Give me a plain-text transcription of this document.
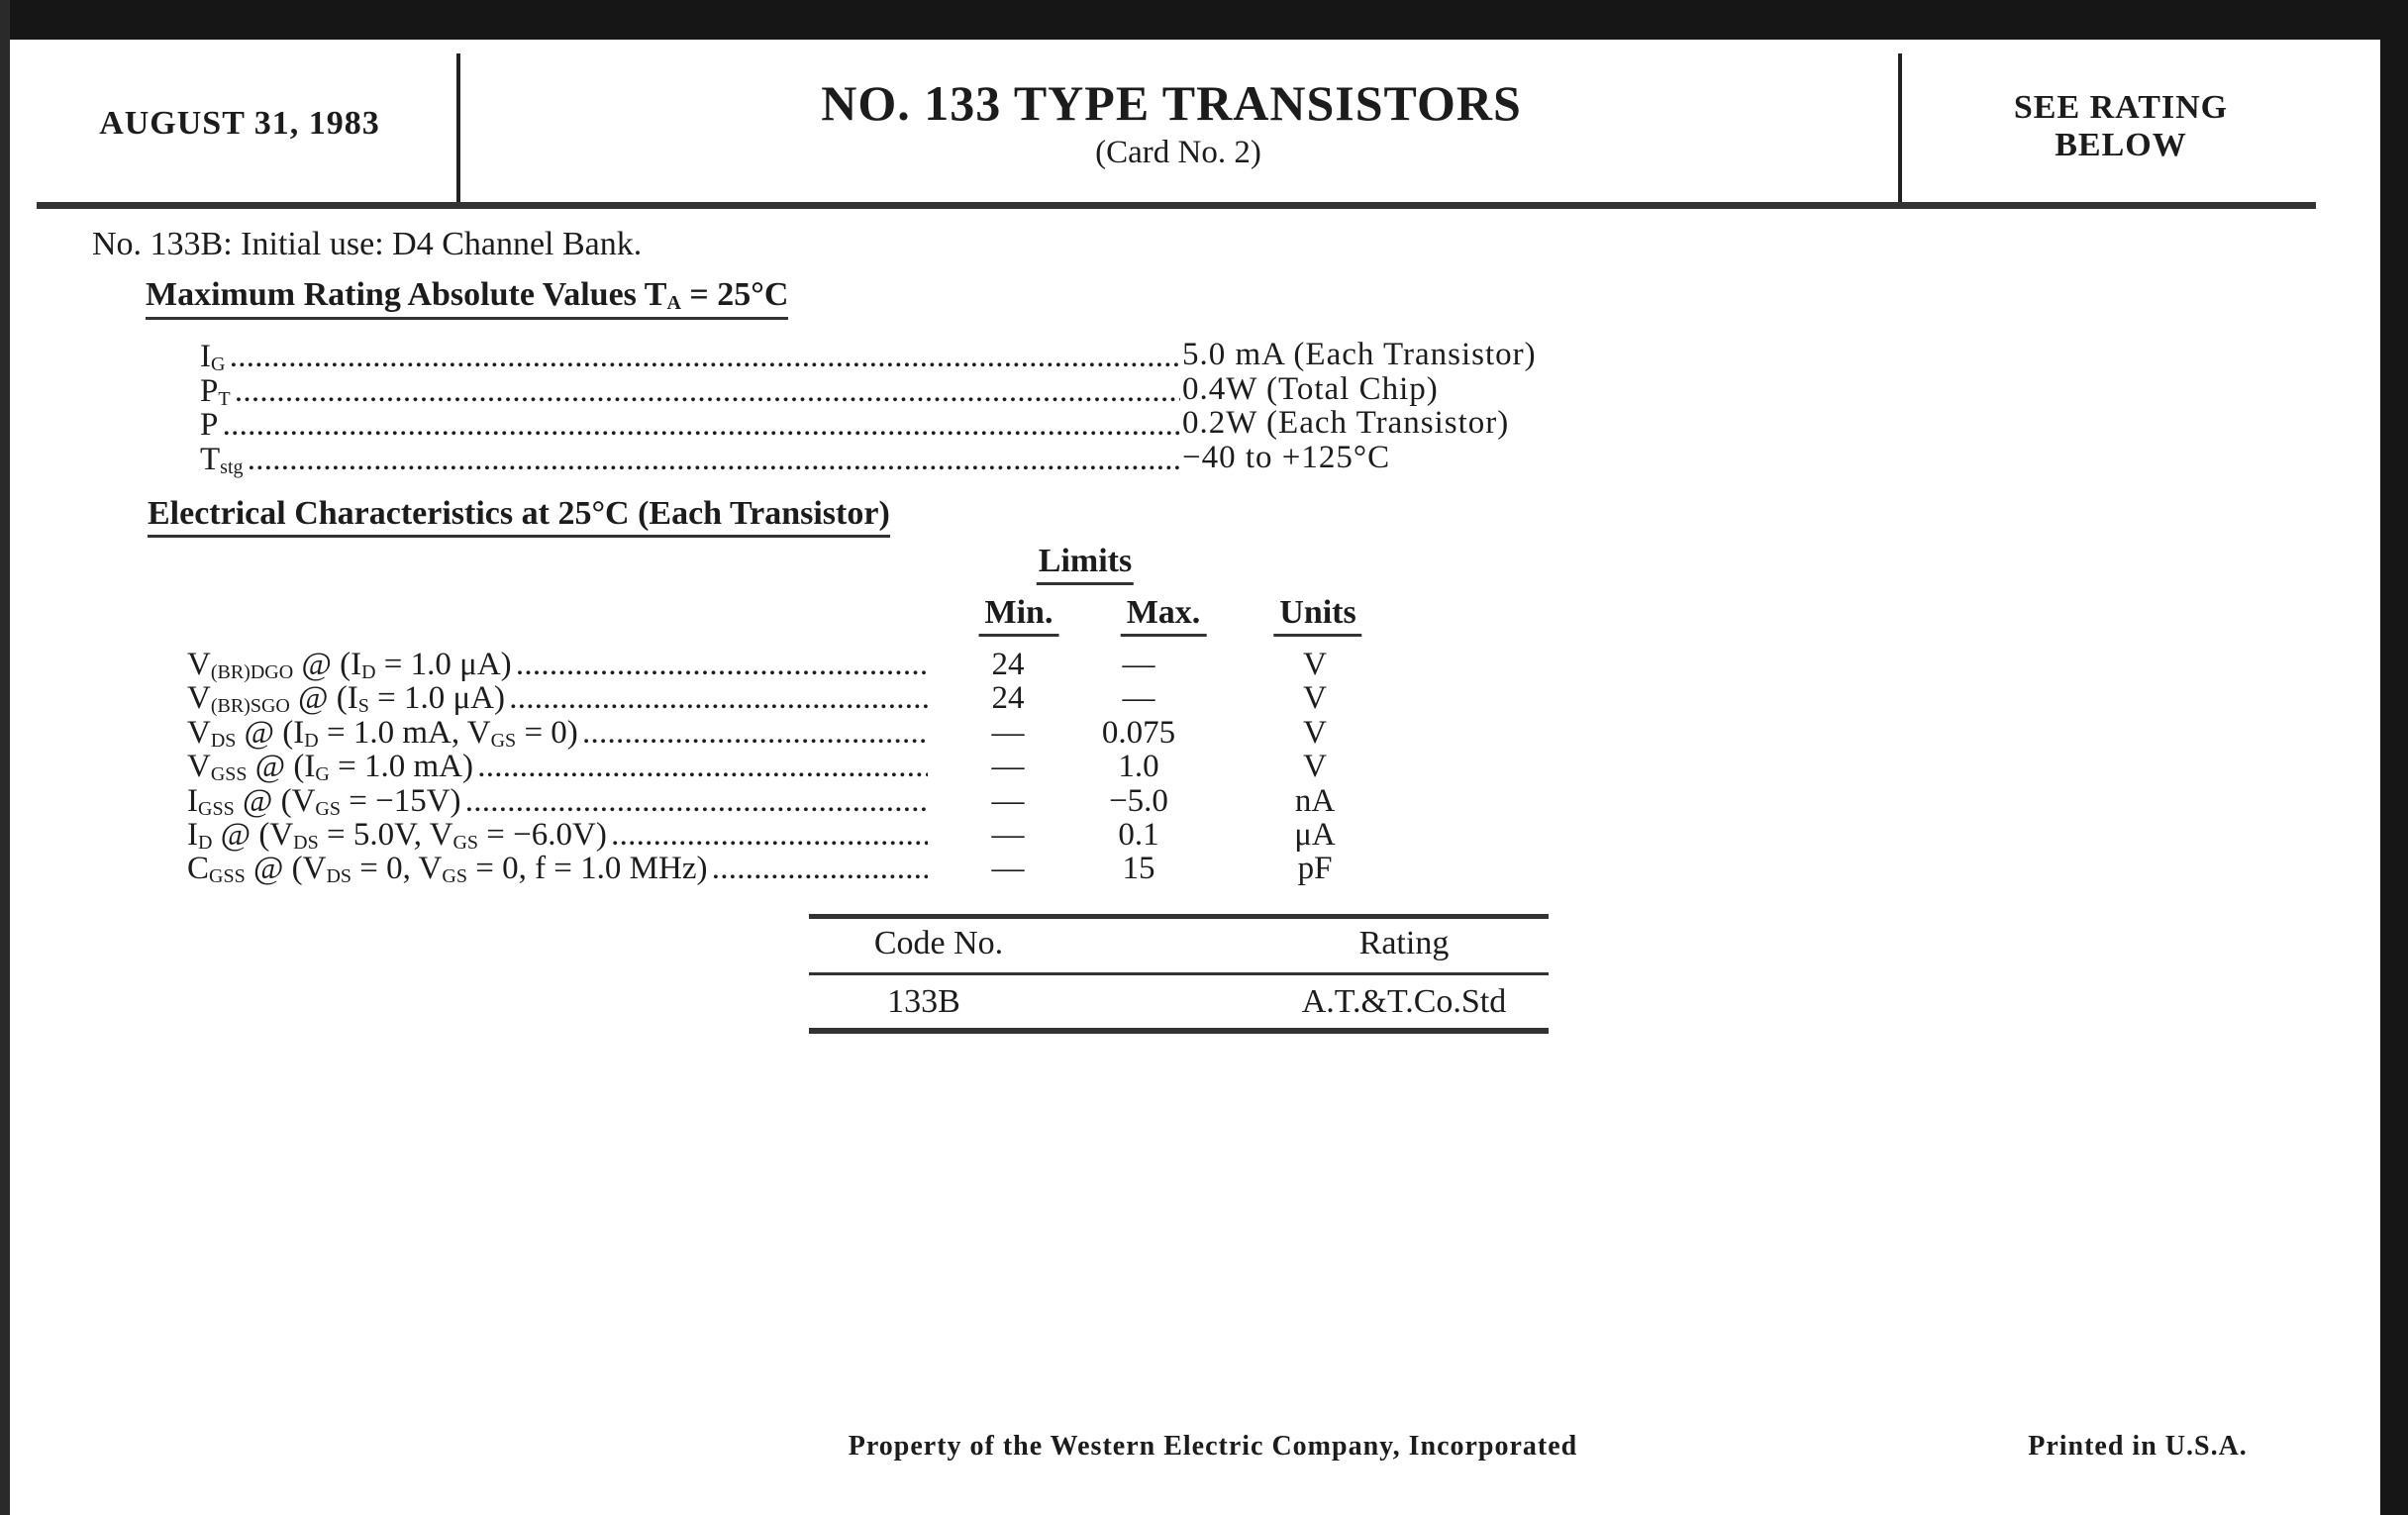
AUGUST 31, 1983	NO. 133 TYPE TRANSISTORS
(Card No. 2)
SEE RATING
BELOW
No. 133B: Initial use: D4 Channel Bank.
Maximum Rating Absolute Values $T_A = 25^\circ C$
$I_G$ . . .	5.0 mA (Each Transistor)
$P_T$ . . .	0.4W (Total Chip)
P . . .	0.2W (Each Transistor)
$T_{stg}$ . . .	−40 to +125°C
Electrical Characteristics at 25°C (Each Transistor)
Limits
Min. Max. Units
$V_{(BR)DGO}$ @ ($I_D = 1.0$ μA) . . .	24	—	V
$V_{(BR)SGO}$ @ ($I_S = 1.0$ μA) . . .	24	—	V
$V_{DS}$ @ ($I_D = 1.0$ mA, $V_{GS} = 0$) . . .	— 0.075	V
$V_{GSS}$ @ ($I_G = 1.0$ mA) . . .	—	1.0	V
$I_{GSS}$ @ $(V_{GS} = -15V)$ . . .	—	−5.0	nA
$I_D$ @ ($V_{DS} = 5.0V$, $V_{GS} = -6.0V$) . . .	—	0.1	μA
$C_{GSS}$ @ ($V_{DS} = 0$, $V_{GS} = 0$, f = 1.0 MHz) . . .	—	15	pF
Code No.	Rating
133B	A.T.&T.Co.Std
Property of the Western Electric Company, Incorporated	Printed in U.S.A.
